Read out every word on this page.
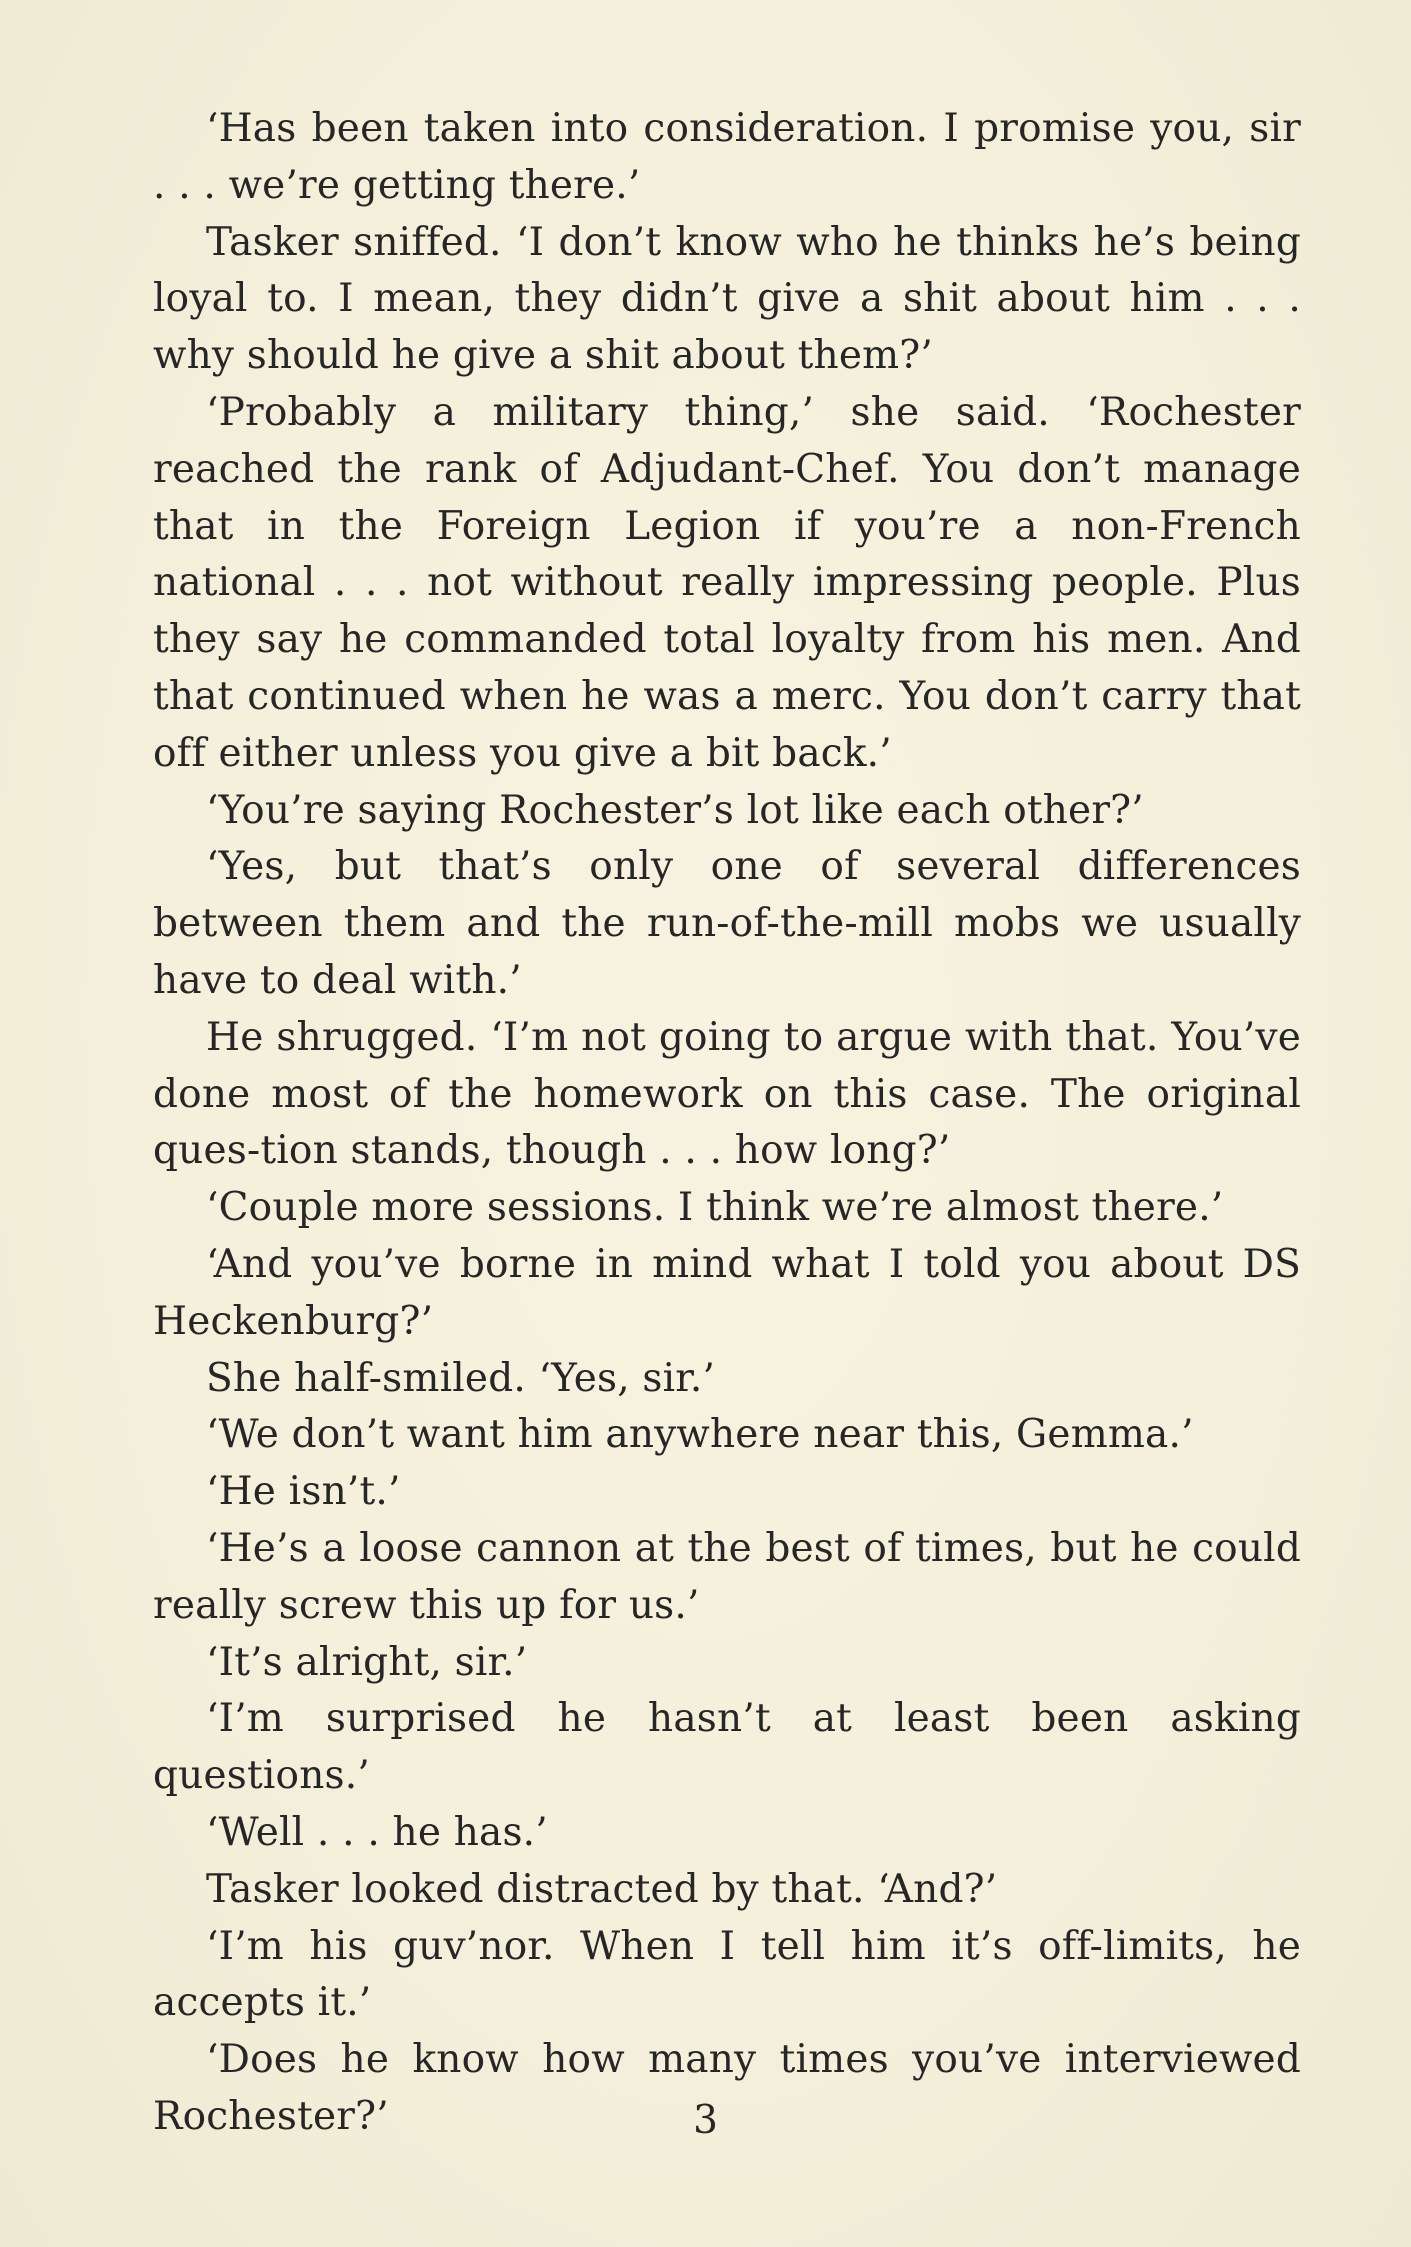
‘Has been taken into consideration. I promise you, sir . . . we’re getting there.’

Tasker sniffed. ‘I don’t know who he thinks he’s being loyal to. I mean, they didn’t give a shit about him . . . why should he give a shit about them?’

‘Probably a military thing,’ she said. ‘Rochester reached the rank of Adjudant-Chef. You don’t manage that in the Foreign Legion if you’re a non-French national . . . not without really impressing people. Plus they say he commanded total loyalty from his men. And that continued when he was a merc. You don’t carry that off either unless you give a bit back.’

‘You’re saying Rochester’s lot like each other?’

‘Yes, but that’s only one of several differences between them and the run-of-the-mill mobs we usually have to deal with.’

He shrugged. ‘I’m not going to argue with that. You’ve done most of the homework on this case. The original ques-tion stands, though . . . how long?’

‘Couple more sessions. I think we’re almost there.’

‘And you’ve borne in mind what I told you about DS Heckenburg?’

She half-smiled. ‘Yes, sir.’

‘We don’t want him anywhere near this, Gemma.’

‘He isn’t.’

‘He’s a loose cannon at the best of times, but he could really screw this up for us.’

‘It’s alright, sir.’

‘I’m surprised he hasn’t at least been asking questions.’

‘Well . . . he has.’

Tasker looked distracted by that. ‘And?’

‘I’m his guv’nor. When I tell him it’s off-limits, he accepts it.’

‘Does he know how many times you’ve interviewed Rochester?’	3
